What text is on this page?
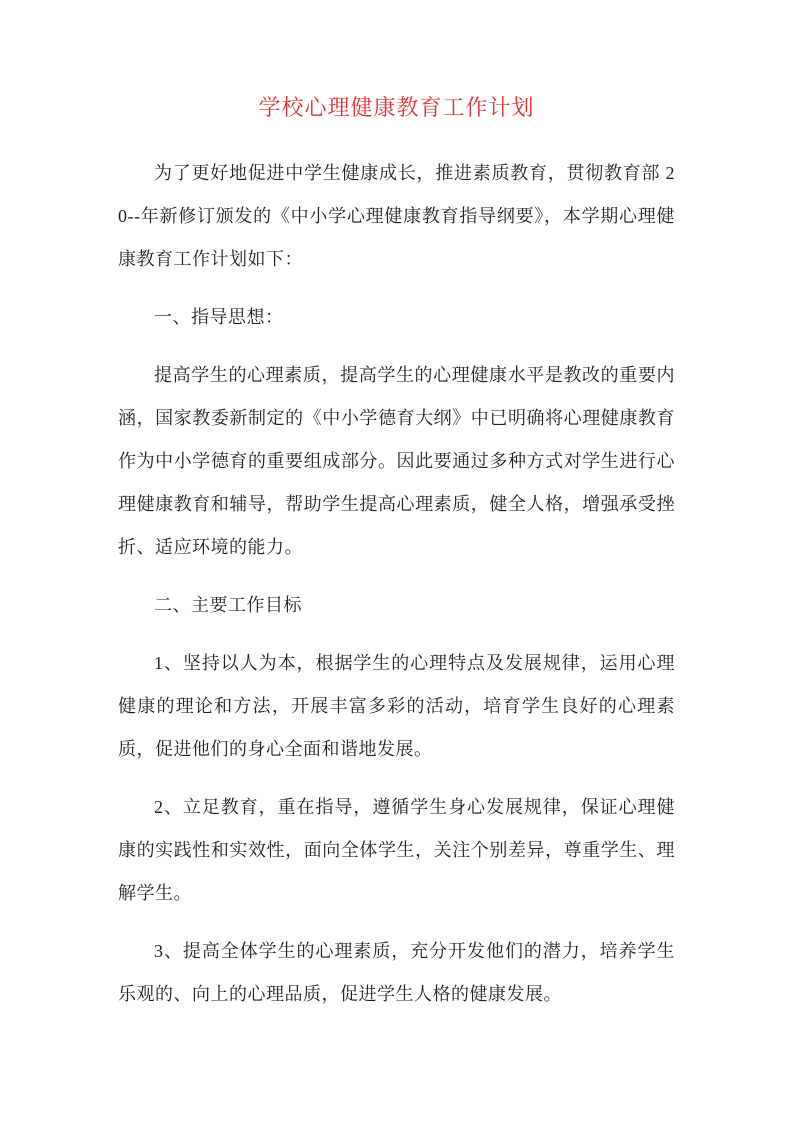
学校心理健康教育工作计划

为了更好地促进中学生健康成长，推进素质教育，贯彻教育部 20--年新修订颁发的《中小学心理健康教育指导纲要》，本学期心理健康教育工作计划如下：

一、指导思想：

提高学生的心理素质，提高学生的心理健康水平是教改的重要内涵，国家教委新制定的《中小学德育大纲》中已明确将心理健康教育作为中小学德育的重要组成部分。因此要通过多种方式对学生进行心理健康教育和辅导，帮助学生提高心理素质，健全人格，增强承受挫折、适应环境的能力。

二、主要工作目标

1、坚持以人为本，根据学生的心理特点及发展规律，运用心理健康的理论和方法，开展丰富多彩的活动，培育学生良好的心理素质，促进他们的身心全面和谐地发展。

2、立足教育，重在指导，遵循学生身心发展规律，保证心理健康的实践性和实效性，面向全体学生，关注个别差异，尊重学生、理解学生。

3、提高全体学生的心理素质，充分开发他们的潜力，培养学生乐观的、向上的心理品质，促进学生人格的健康发展。
